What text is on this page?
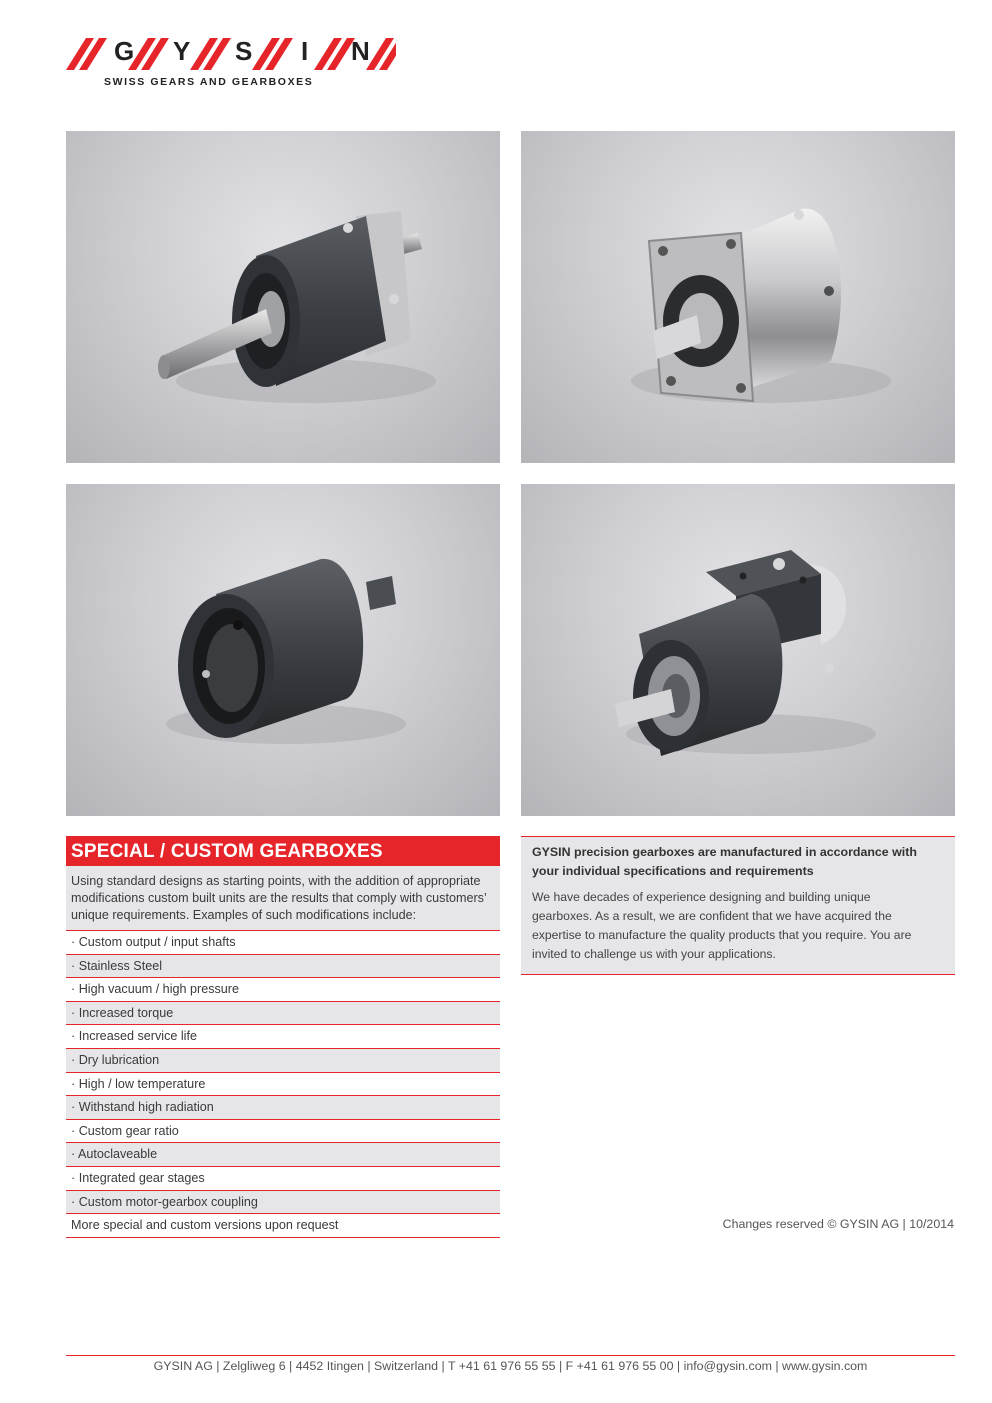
G Y S I N
SWISS GEARS AND GEARBOXES
SPECIAL / CUSTOM GEARBOXES
Using standard designs as starting points, with the addition of appropriate modifications custom built units are the results that comply with customers’ unique requirements. Examples of such modifications include:
· Custom output / input shafts
· Stainless Steel
· High vacuum / high pressure
· Increased torque
· Increased service life
· Dry lubrication
· High / low temperature
· Withstand high radiation
· Custom gear ratio
· Autoclaveable
· Integrated gear stages
· Custom motor-gearbox coupling
More special and custom versions upon request
GYSIN precision gearboxes are manufactured in accordance with your individual specifications and requirements
We have decades of experience designing and building unique gearboxes. As a result, we are confident that we have acquired the expertise to manufacture the quality products that you require. You are invited to challenge us with your applications.
Changes reserved © GYSIN AG | 10/2014
GYSIN AG | Zelgliweg 6 | 4452 Itingen | Switzerland | T +41 61 976 55 55 | F +41 61 976 55 00 | info@gysin.com | www.gysin.com
